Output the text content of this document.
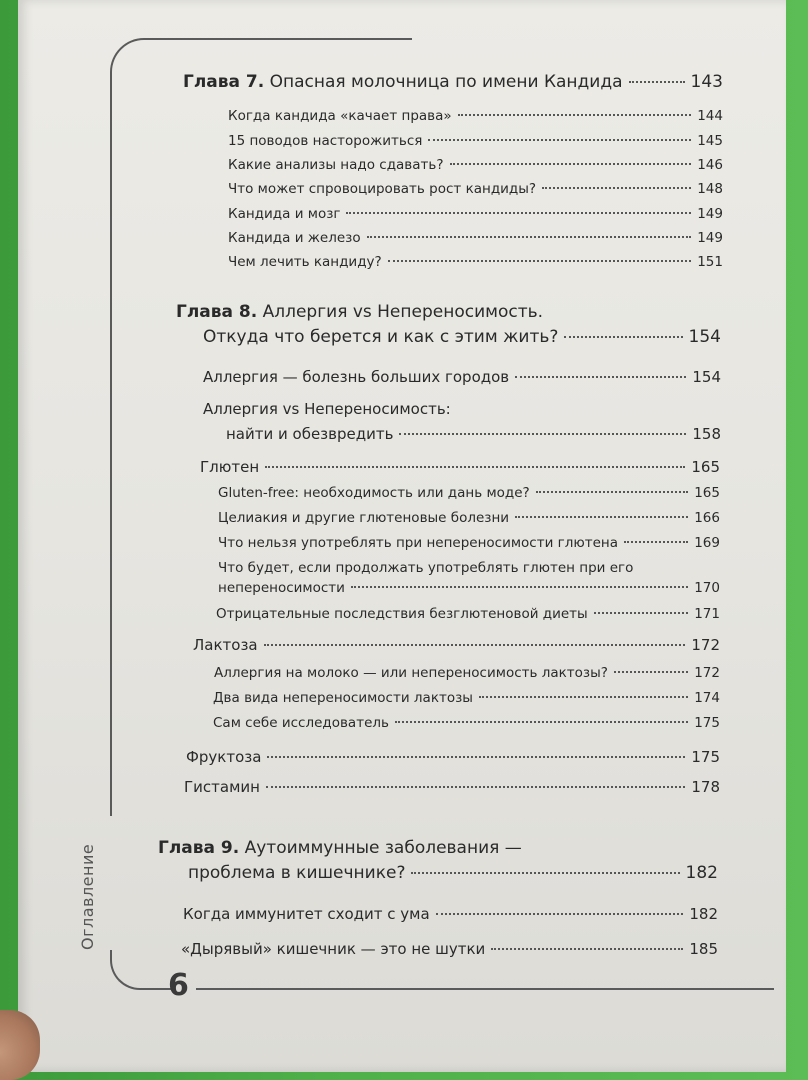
6
Оглавление
Глава 7. Опасная молочница по имени Кандида	143
Когда кандида «качает права»	144
15 поводов насторожиться	145
Какие анализы надо сдавать?	146
Что может спровоцировать рост кандиды?	148
Кандида и мозг	149
Кандида и железо	149
Чем лечить кандиду?	151
Глава 8. Аллергия vs Непереносимость.
Откуда что берется и как с этим жить?	154
Аллергия — болезнь больших городов	154
Аллергия vs Непереносимость:
найти и обезвредить	158
Глютен	165
Gluten-free: необходимость или дань моде?	165
Целиакия и другие глютеновые болезни	166
Что нельзя употреблять при непереносимости глютена	169
Что будет, если продолжать употреблять глютен при его
непереносимости	170
Отрицательные последствия безглютеновой диеты	171
Лактоза	172
Аллергия на молоко — или непереносимость лактозы?	172
Два вида непереносимости лактозы	174
Сам себе исследователь	175
Фруктоза	175
Гистамин	178
Глава 9. Аутоиммунные заболевания —
проблема в кишечнике?	182
Когда иммунитет сходит с ума	182
«Дырявый» кишечник — это не шутки	185
